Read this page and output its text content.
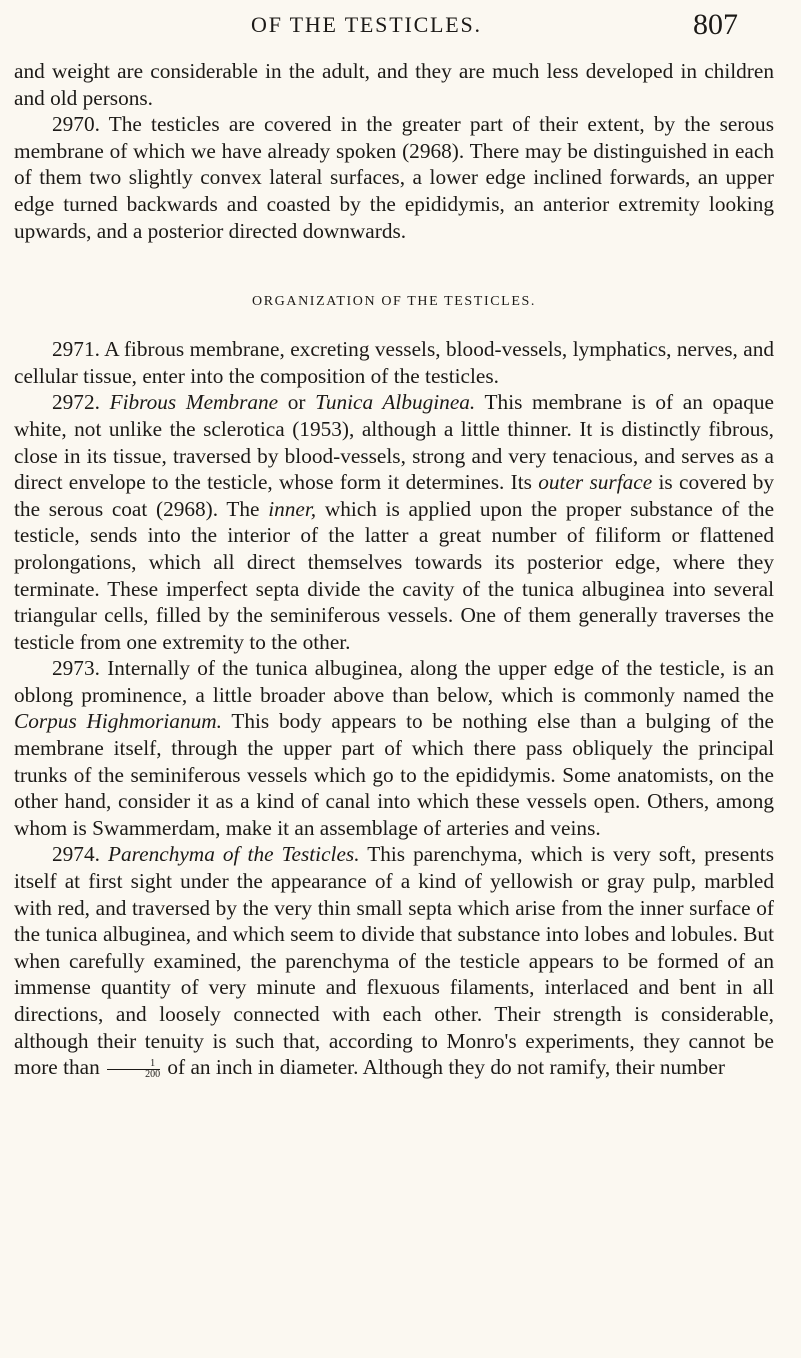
OF THE TESTICLES.	807

and weight are considerable in the adult, and they are much less developed in children and old persons.

2970. The testicles are covered in the greater part of their extent, by the serous membrane of which we have already spoken (2968). There may be distinguished in each of them two slightly convex lateral surfaces, a lower edge inclined forwards, an upper edge turned backwards and coasted by the epididymis, an anterior extremity looking upwards, and a posterior directed downwards.

ORGANIZATION OF THE TESTICLES.

2971. A fibrous membrane, excreting vessels, blood-vessels, lymphatics, nerves, and cellular tissue, enter into the composition of the testicles.

2972. Fibrous Membrane or Tunica Albuginea. This membrane is of an opaque white, not unlike the sclerotica (1953), although a little thinner. It is distinctly fibrous, close in its tissue, traversed by blood-vessels, strong and very tenacious, and serves as a direct envelope to the testicle, whose form it determines. Its outer surface is covered by the serous coat (2968). The inner, which is applied upon the proper substance of the testicle, sends into the interior of the latter a great number of filiform or flattened prolongations, which all direct themselves towards its posterior edge, where they terminate. These imperfect septa divide the cavity of the tunica albuginea into several triangular cells, filled by the seminiferous vessels. One of them generally traverses the testicle from one extremity to the other.

2973. Internally of the tunica albuginea, along the upper edge of the testicle, is an oblong prominence, a little broader above than below, which is commonly named the Corpus Highmorianum. This body appears to be nothing else than a bulging of the membrane itself, through the upper part of which there pass obliquely the principal trunks of the seminiferous vessels which go to the epididymis. Some anatomists, on the other hand, consider it as a kind of canal into which these vessels open. Others, among whom is Swammerdam, make it an assemblage of arteries and veins.

2974. Parenchyma of the Testicles. This parenchyma, which is very soft, presents itself at first sight under the appearance of a kind of yellowish or gray pulp, marbled with red, and traversed by the very thin small septa which arise from the inner surface of the tunica albuginea, and which seem to divide that substance into lobes and lobules. But when carefully examined, the parenchyma of the testicle appears to be formed of an immense quantity of very minute and flexuous filaments, interlaced and bent in all directions, and loosely connected with each other. Their strength is considerable, although their tenuity is such that, according to Monro's experiments, they cannot be more than $\frac{1}{200}$ of an inch in diameter. Although they do not ramify, their number
